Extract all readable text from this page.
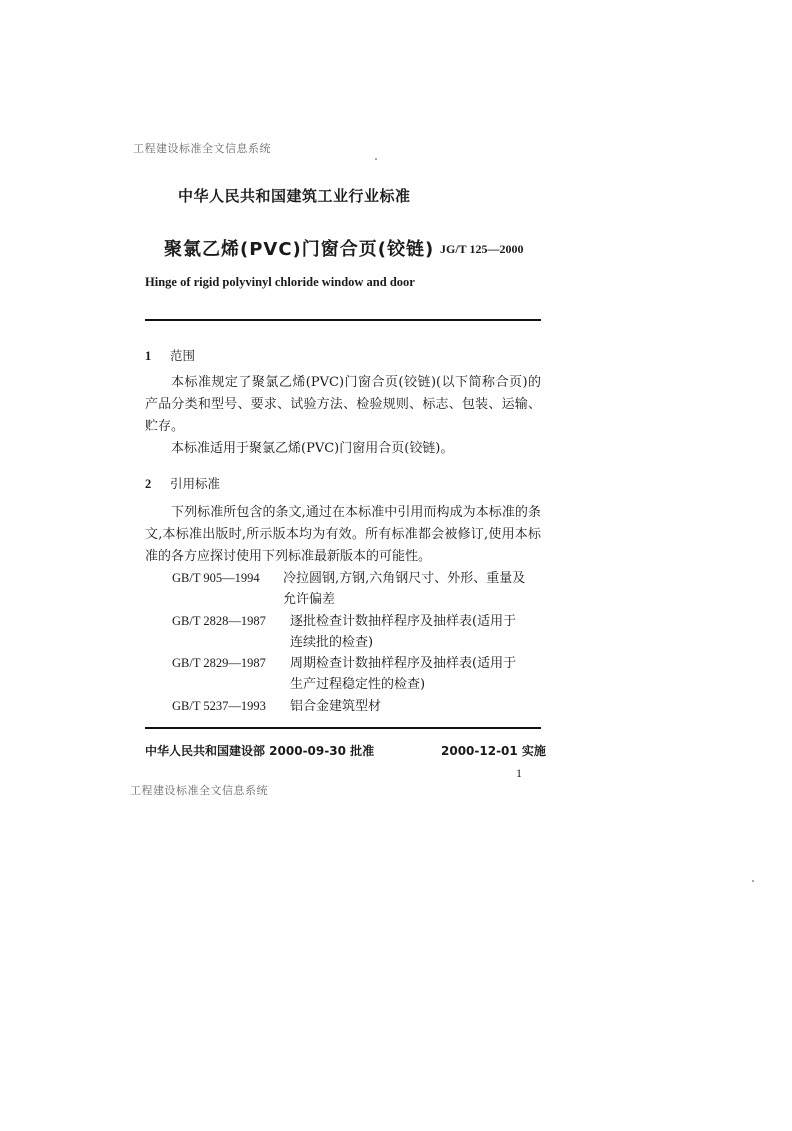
工程建设标准全文信息系统
工程建设标准全文信息系统
中华人民共和国建筑工业行业标准
聚氯乙烯(PVC)门窗合页(铰链) JG/T 125—2000
Hinge of rigid polyvinyl chloride window and door
1 范围

本标准规定了聚氯乙烯(PVC)门窗合页(铰链)(以下简称合页)的产品分类和型号、要求、试验方法、检验规则、标志、包装、运输、贮存。

本标准适用于聚氯乙烯(PVC)门窗用合页(铰链)。

2 引用标准

下列标准所包含的条文,通过在本标准中引用而构成为本标准的条文,本标准出版时,所示版本均为有效。所有标准都会被修订,使用本标准的各方应探讨使用下列标准最新版本的可能性。

GB/T 905—1994 冷拉圆钢,方钢,六角钢尺寸、外形、重量及
允许偏差
GB/T 2828—1987 逐批检查计数抽样程序及抽样表(适用于
连续批的检查)
GB/T 2829—1987 周期检查计数抽样程序及抽样表(适用于
生产过程稳定性的检查)
GB/T 5237—1993 铝合金建筑型材
中华人民共和国建设部 2000-09-30 批准	2000-12-01 实施
1
